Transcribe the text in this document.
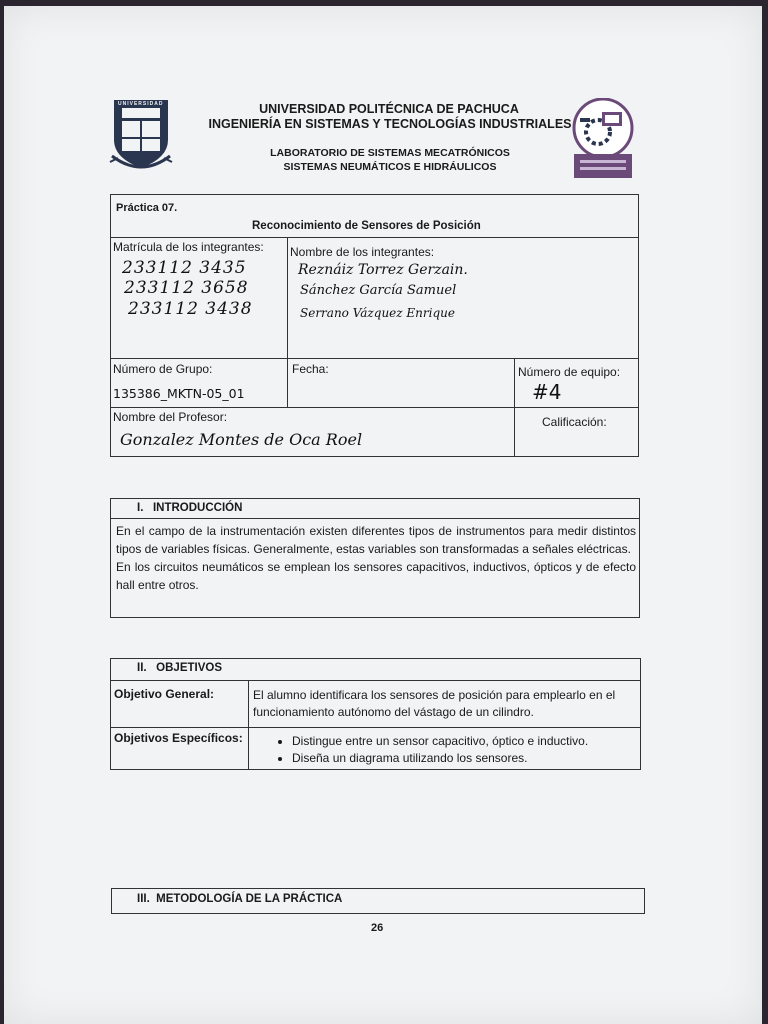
UNIVERSIDAD	UNIVERSIDAD POLITÉCNICA DE PACHUCA
INGENIERÍA EN SISTEMAS Y TECNOLOGÍAS INDUSTRIALES
LABORATORIO DE SISTEMAS MECATRÓNICOS
SISTEMAS NEUMÁTICOS E HIDRÁULICOS
Práctica 07.
Reconocimiento de Sensores de Posición
Matrícula de los integrantes:
233112 3435
233112 3658
233112 3438
Nombre de los integrantes:
Reznáiz Torrez Gerzain.
Sánchez García Samuel
Serrano Vázquez Enrique
Número de Grupo:
135386_MKTN-05_01
Fecha:	Número de equipo:
#4
Nombre del Profesor:
Gonzalez Montes de Oca Roel
Calificación:
I.   INTRODUCCIÓN

En el campo de la instrumentación existen diferentes tipos de instrumentos para medir distintos tipos de variables físicas. Generalmente, estas variables son transformadas a señales eléctricas.

En los circuitos neumáticos se emplean los sensores capacitivos, inductivos, ópticos y de efecto hall entre otros.

II.   OBJETIVOS
Objetivo General:	El alumno identificara los sensores de posición para emplearlo en el funcionamiento autónomo del vástago de un cilindro.
Objetivos Específicos:
•	Distingue entre un sensor capacitivo, óptico e inductivo.
• Diseña un diagrama utilizando los sensores.
III.  METODOLOGÍA DE LA PRÁCTICA
26
